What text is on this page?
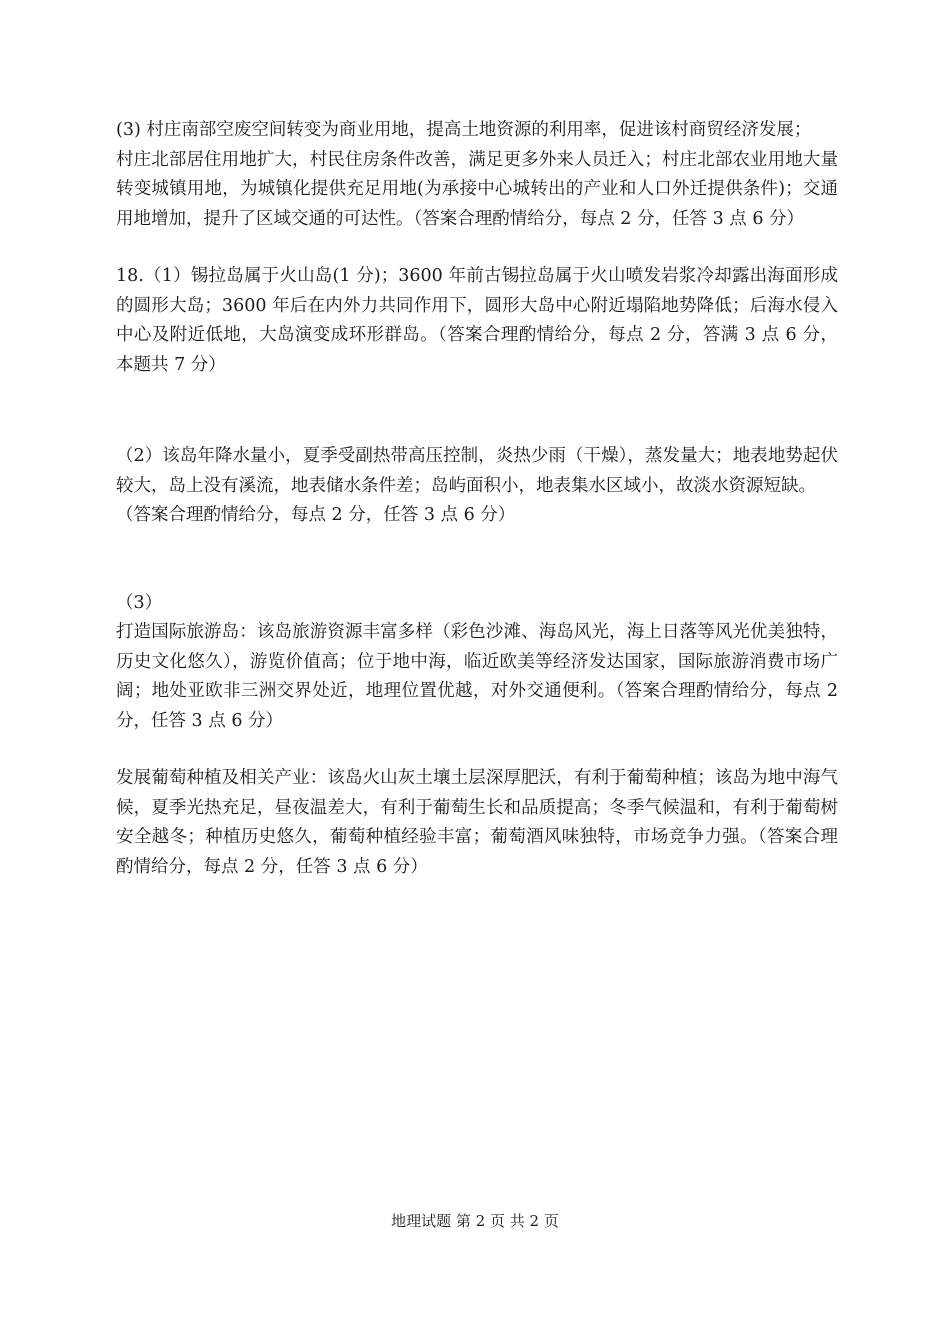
(3) 村庄南部空废空间转变为商业用地，提高土地资源的利用率，促进该村商贸经济发展；

村庄北部居住用地扩大，村民住房条件改善，满足更多外来人员迁入；村庄北部农业用地大量转变城镇用地，为城镇化提供充足用地(为承接中心城转出的产业和人口外迁提供条件)；交通用地增加，提升了区域交通的可达性。（答案合理酌情给分，每点 2 分，任答 3 点 6 分）

18.（1）锡拉岛属于火山岛(1 分)；3600 年前古锡拉岛属于火山喷发岩浆冷却露出海面形成的圆形大岛；3600 年后在内外力共同作用下，圆形大岛中心附近塌陷地势降低；后海水侵入中心及附近低地，大岛演变成环形群岛。（答案合理酌情给分，每点 2 分，答满 3 点 6 分，本题共 7 分）

（2）该岛年降水量小，夏季受副热带高压控制，炎热少雨（干燥），蒸发量大；地表地势起伏较大，岛上没有溪流，地表储水条件差；岛屿面积小，地表集水区域小，故淡水资源短缺。

（答案合理酌情给分，每点 2 分，任答 3 点 6 分）

（3）

打造国际旅游岛：该岛旅游资源丰富多样（彩色沙滩、海岛风光，海上日落等风光优美独特，历史文化悠久），游览价值高；位于地中海，临近欧美等经济发达国家，国际旅游消费市场广阔；地处亚欧非三洲交界处近，地理位置优越，对外交通便利。（答案合理酌情给分，每点 2 分，任答 3 点 6 分）

发展葡萄种植及相关产业：该岛火山灰土壤土层深厚肥沃，有利于葡萄种植；该岛为地中海气候，夏季光热充足，昼夜温差大，有利于葡萄生长和品质提高；冬季气候温和，有利于葡萄树安全越冬；种植历史悠久，葡萄种植经验丰富；葡萄酒风味独特，市场竞争力强。（答案合理酌情给分，每点 2 分，任答 3 点 6 分）

地理试题 第 2 页 共 2 页
